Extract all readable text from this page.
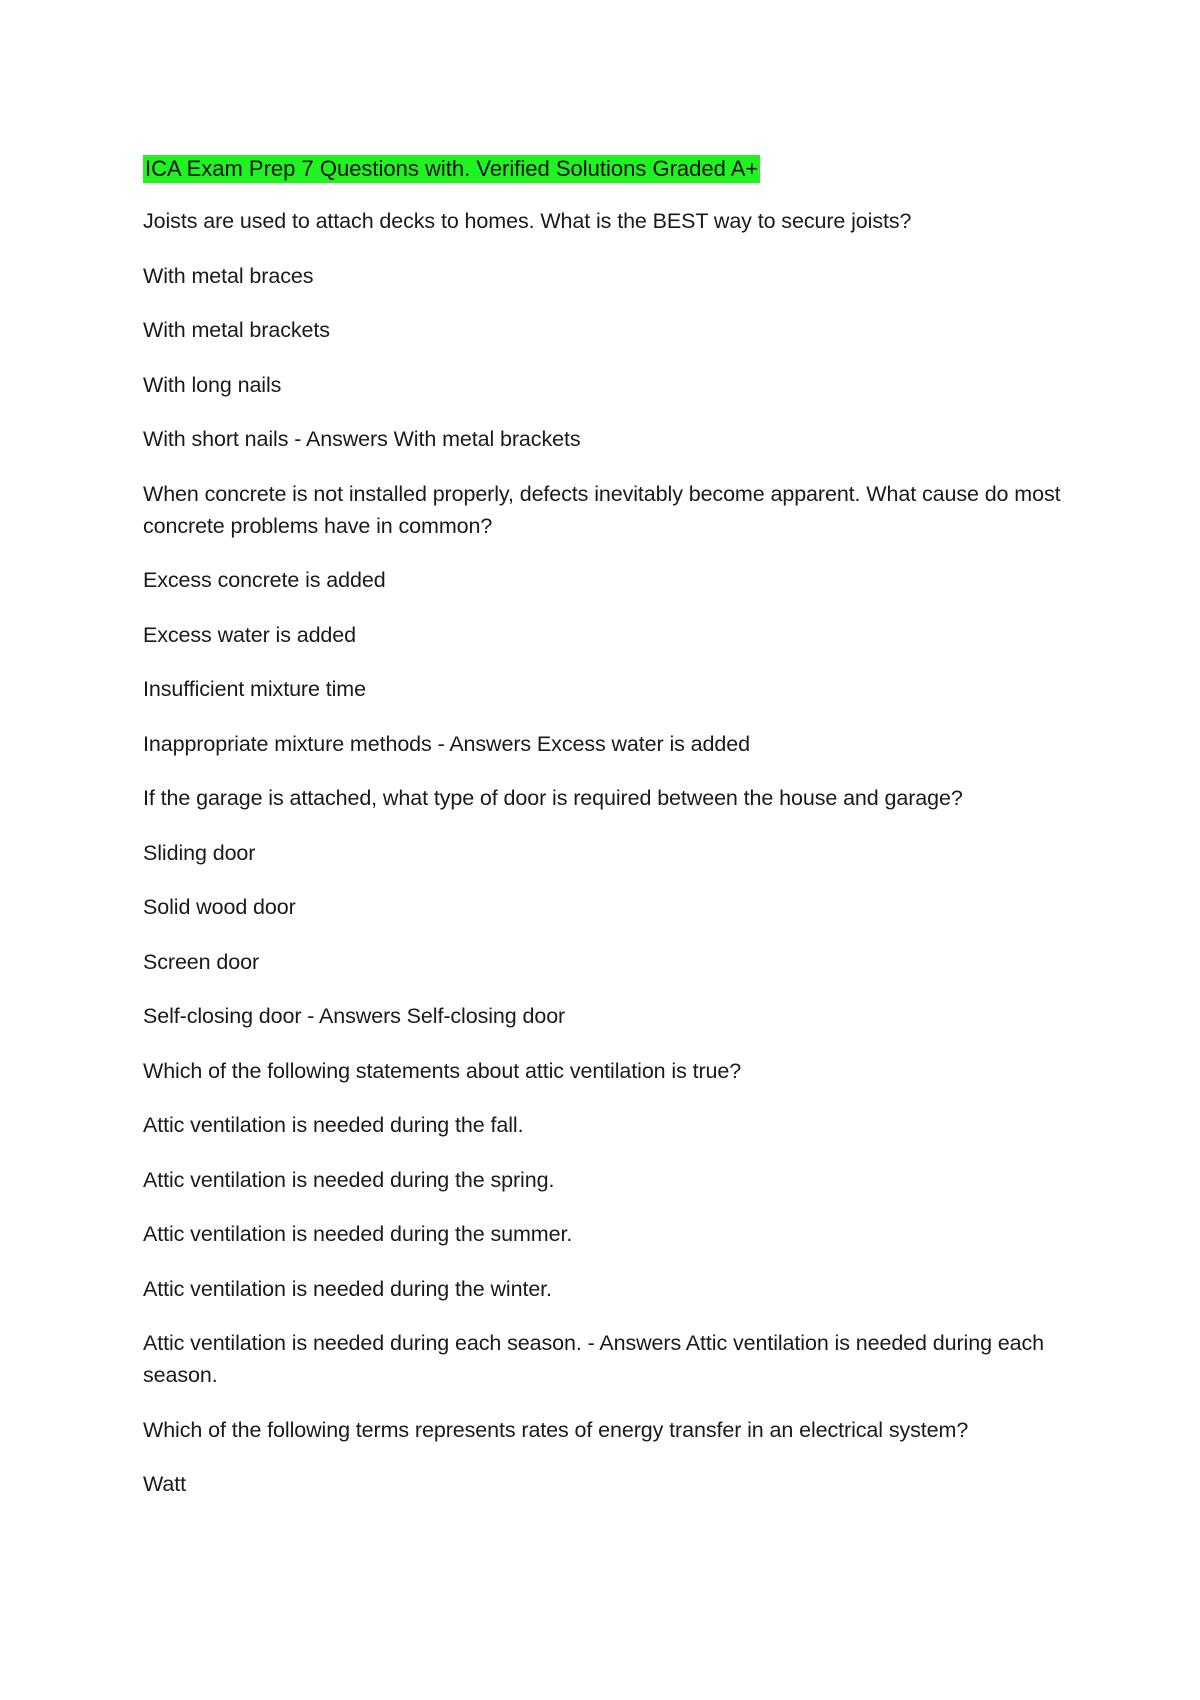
ICA Exam Prep 7 Questions with. Verified Solutions Graded A+

Joists are used to attach decks to homes. What is the BEST way to secure joists?

With metal braces

With metal brackets

With long nails

With short nails - Answers With metal brackets

When concrete is not installed properly, defects inevitably become apparent. What cause do most concrete problems have in common?

Excess concrete is added

Excess water is added

Insufficient mixture time

Inappropriate mixture methods - Answers Excess water is added

If the garage is attached, what type of door is required between the house and garage?

Sliding door

Solid wood door

Screen door

Self-closing door - Answers Self-closing door

Which of the following statements about attic ventilation is true?

Attic ventilation is needed during the fall.

Attic ventilation is needed during the spring.

Attic ventilation is needed during the summer.

Attic ventilation is needed during the winter.

Attic ventilation is needed during each season. - Answers Attic ventilation is needed during each season.

Which of the following terms represents rates of energy transfer in an electrical system?

Watt
